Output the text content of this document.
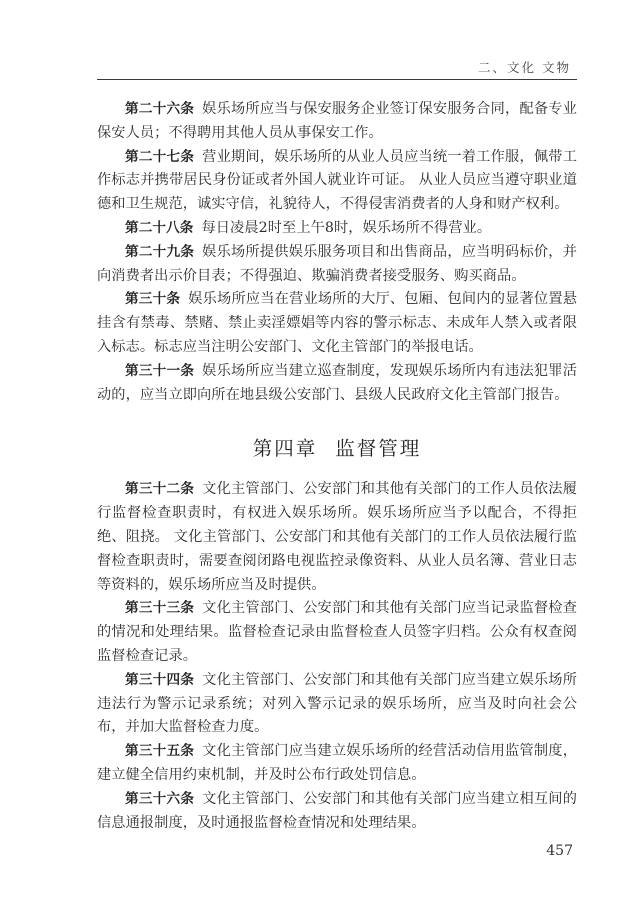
二、文化 文物

第二十六条 娱乐场所应当与保安服务企业签订保安服务合同，配备专业保安人员；不得聘用其他人员从事保安工作。

第二十七条 营业期间，娱乐场所的从业人员应当统一着工作服，佩带工作标志并携带居民身份证或者外国人就业许可证。 从业人员应当遵守职业道德和卫生规范，诚实守信，礼貌待人，不得侵害消费者的人身和财产权利。

第二十八条 每日凌晨2时至上午8时，娱乐场所不得营业。

第二十九条 娱乐场所提供娱乐服务项目和出售商品，应当明码标价，并向消费者出示价目表；不得强迫、欺骗消费者接受服务、购买商品。

第三十条 娱乐场所应当在营业场所的大厅、包厢、包间内的显著位置悬挂含有禁毒、禁赌、禁止卖淫嫖娼等内容的警示标志、未成年人禁入或者限入标志。标志应当注明公安部门、文化主管部门的举报电话。

第三十一条 娱乐场所应当建立巡查制度，发现娱乐场所内有违法犯罪活动的，应当立即向所在地县级公安部门、县级人民政府文化主管部门报告。

第四章 监督管理

第三十二条 文化主管部门、公安部门和其他有关部门的工作人员依法履行监督检查职责时，有权进入娱乐场所。娱乐场所应当予以配合，不得拒绝、阻挠。 文化主管部门、公安部门和其他有关部门的工作人员依法履行监督检查职责时，需要查阅闭路电视监控录像资料、从业人员名簿、营业日志等资料的，娱乐场所应当及时提供。

第三十三条 文化主管部门、公安部门和其他有关部门应当记录监督检查的情况和处理结果。监督检查记录由监督检查人员签字归档。公众有权查阅监督检查记录。

第三十四条 文化主管部门、公安部门和其他有关部门应当建立娱乐场所违法行为警示记录系统；对列入警示记录的娱乐场所，应当及时向社会公布，并加大监督检查力度。

第三十五条 文化主管部门应当建立娱乐场所的经营活动信用监管制度，建立健全信用约束机制，并及时公布行政处罚信息。

第三十六条 文化主管部门、公安部门和其他有关部门应当建立相互间的信息通报制度，及时通报监督检查情况和处理结果。

457
